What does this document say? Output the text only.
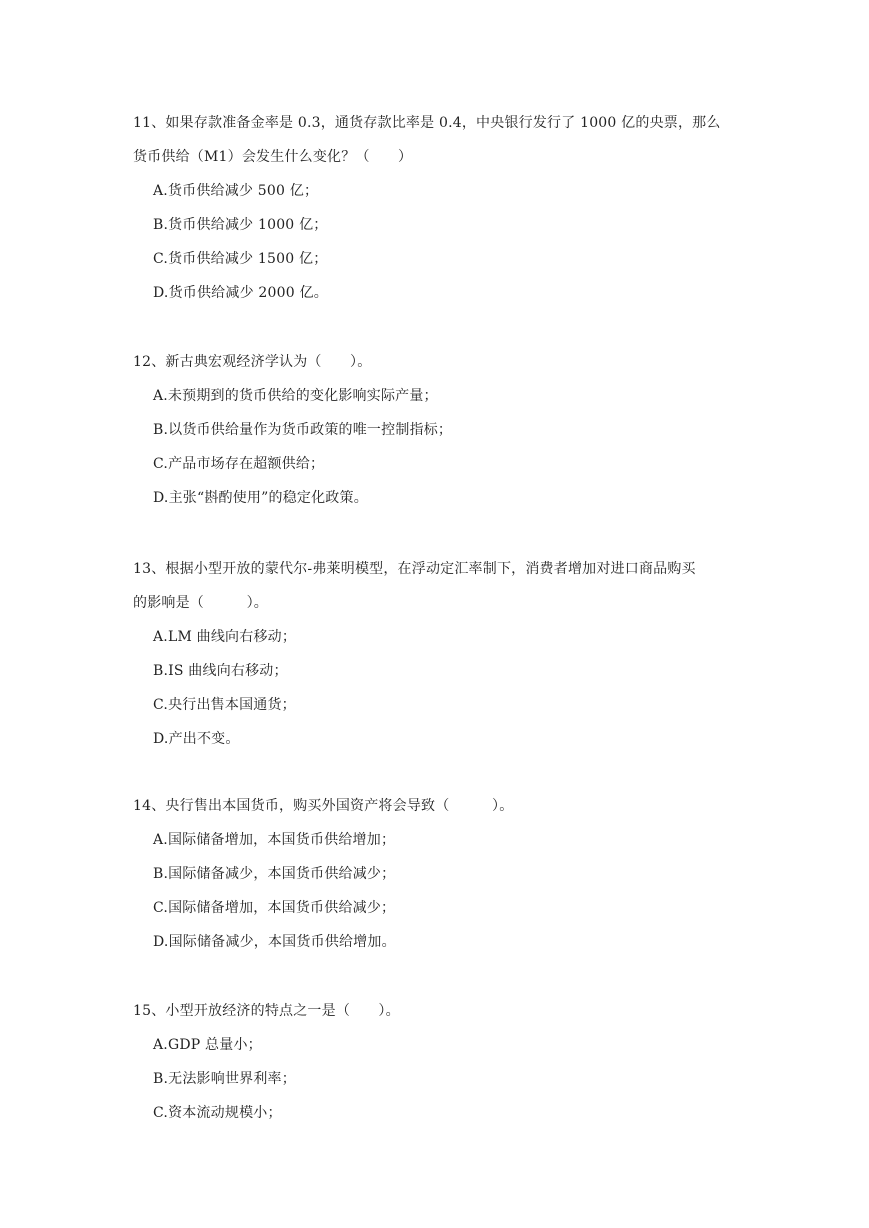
11、如果存款准备金率是 0.3，通货存款比率是 0.4，中央银行发行了 1000 亿的央票，那么
货币供给（M1）会发生什么变化？（　　）
A.货币供给减少 500 亿；
B.货币供给减少 1000 亿；
C.货币供给减少 1500 亿；
D.货币供给减少 2000 亿。
12、新古典宏观经济学认为（　　）。
A.未预期到的货币供给的变化影响实际产量；
B.以货币供给量作为货币政策的唯一控制指标；
C.产品市场存在超额供给；
D.主张“斟酌使用”的稳定化政策。
13、根据小型开放的蒙代尔-弗莱明模型，在浮动定汇率制下，消费者增加对进口商品购买
的影响是（　　　）。
A.LM 曲线向右移动；
B.IS 曲线向右移动；
C.央行出售本国通货；
D.产出不变。
14、央行售出本国货币，购买外国资产将会导致（　　　）。
A.国际储备增加，本国货币供给增加；
B.国际储备减少，本国货币供给减少；
C.国际储备增加，本国货币供给减少；
D.国际储备减少，本国货币供给增加。
15、小型开放经济的特点之一是（　　）。
A.GDP 总量小；
B.无法影响世界利率；
C.资本流动规模小；
